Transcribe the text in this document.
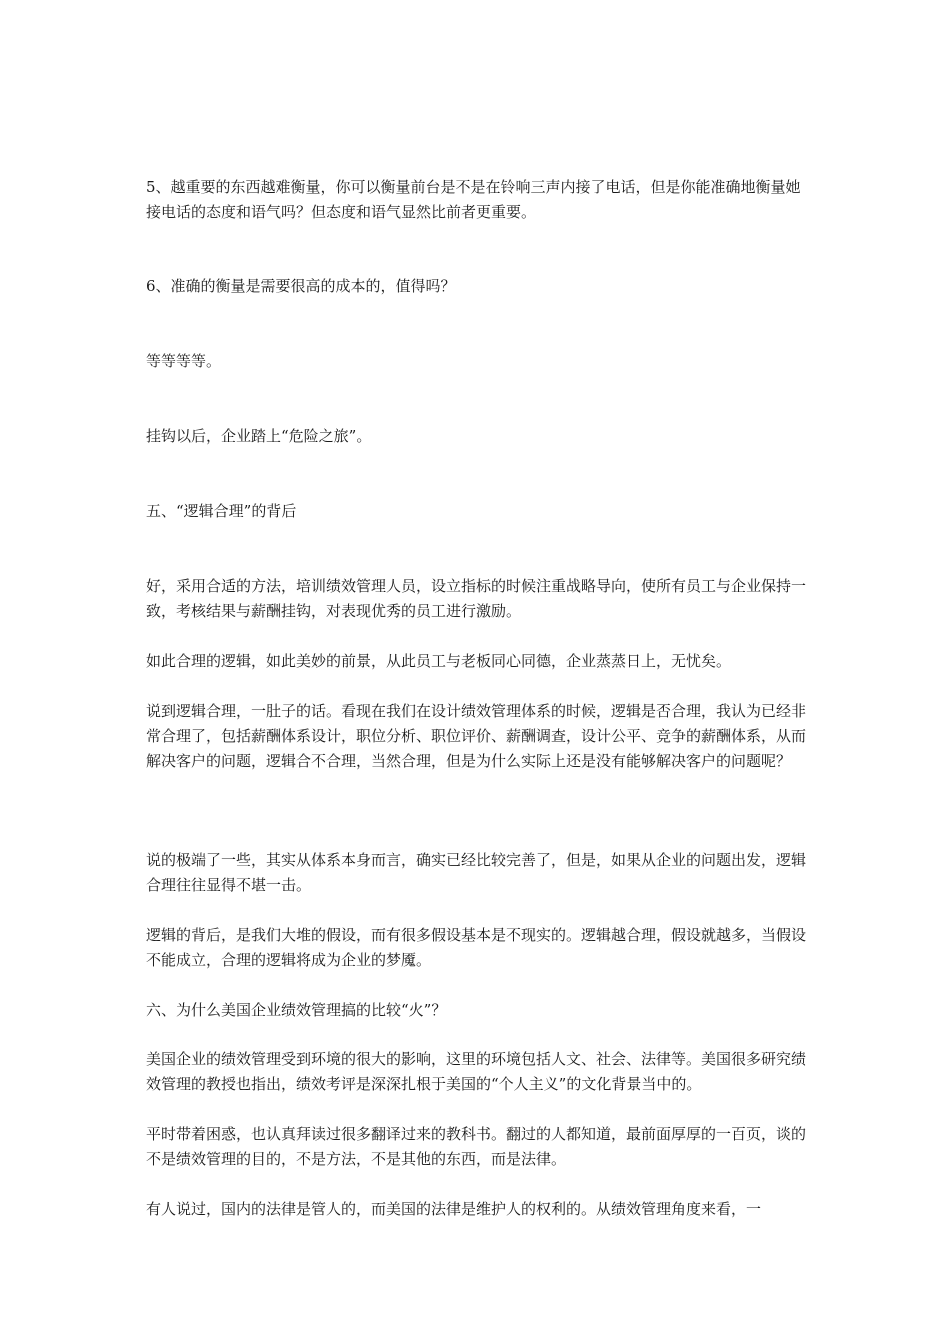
5、越重要的东西越难衡量，你可以衡量前台是不是在铃响三声内接了电话，但是你能准确地衡量她接电话的态度和语气吗？但态度和语气显然比前者更重要。

6、准确的衡量是需要很高的成本的，值得吗？

等等等等。

挂钩以后，企业踏上“危险之旅”。

五、“逻辑合理”的背后

好，采用合适的方法，培训绩效管理人员，设立指标的时候注重战略导向，使所有员工与企业保持一致，考核结果与薪酬挂钩，对表现优秀的员工进行激励。

如此合理的逻辑，如此美妙的前景，从此员工与老板同心同德，企业蒸蒸日上，无忧矣。

说到逻辑合理，一肚子的话。看现在我们在设计绩效管理体系的时候，逻辑是否合理，我认为已经非常合理了，包括薪酬体系设计，职位分析、职位评价、薪酬调查，设计公平、竞争的薪酬体系，从而解决客户的问题，逻辑合不合理，当然合理，但是为什么实际上还是没有能够解决客户的问题呢？

说的极端了一些，其实从体系本身而言，确实已经比较完善了，但是，如果从企业的问题出发，逻辑合理往往显得不堪一击。

逻辑的背后，是我们大堆的假设，而有很多假设基本是不现实的。逻辑越合理，假设就越多，当假设不能成立，合理的逻辑将成为企业的梦魇。

六、为什么美国企业绩效管理搞的比较“火”？

美国企业的绩效管理受到环境的很大的影响，这里的环境包括人文、社会、法律等。美国很多研究绩效管理的教授也指出，绩效考评是深深扎根于美国的“个人主义”的文化背景当中的。

平时带着困惑，也认真拜读过很多翻译过来的教科书。翻过的人都知道，最前面厚厚的一百页，谈的不是绩效管理的目的，不是方法，不是其他的东西，而是法律。

有人说过，国内的法律是管人的，而美国的法律是维护人的权利的。从绩效管理角度来看，一
